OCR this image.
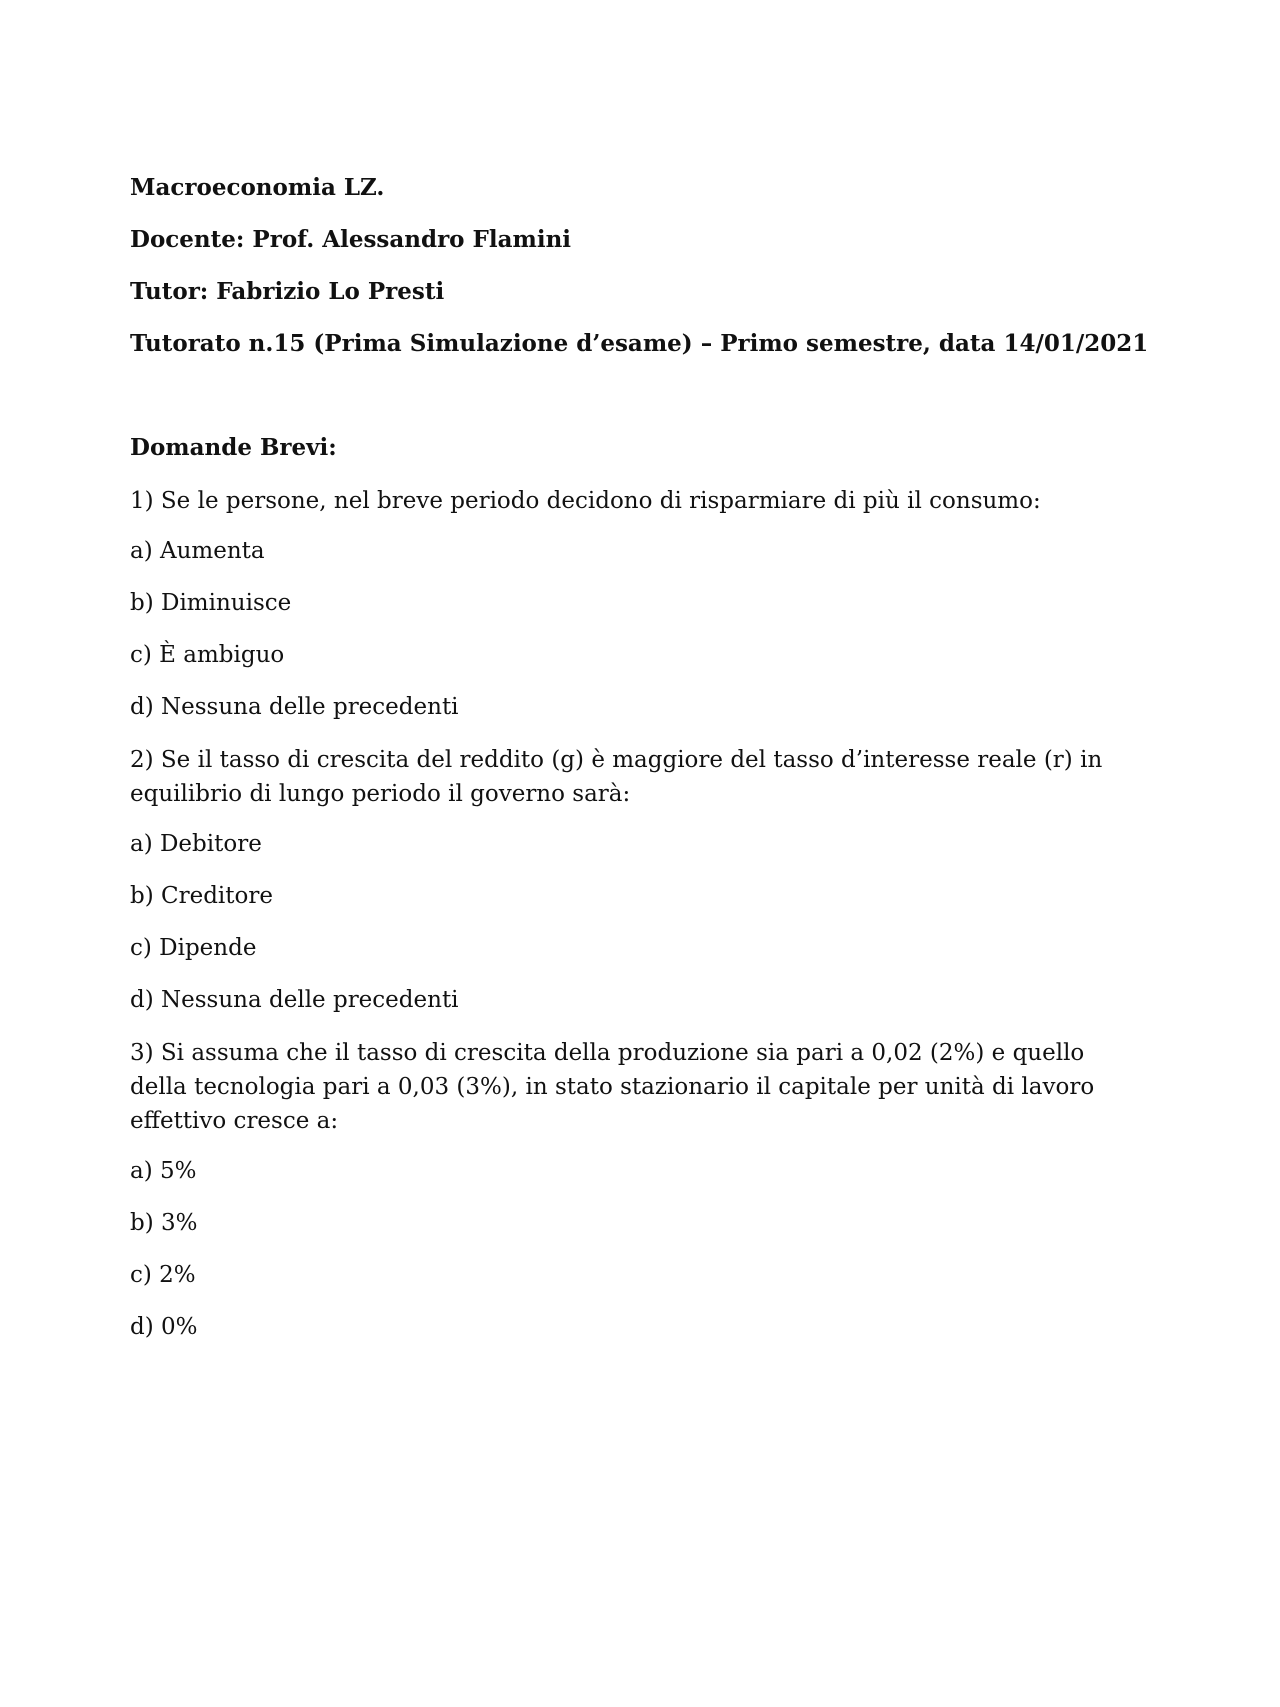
Macroeconomia LZ.

Docente: Prof. Alessandro Flamini

Tutor: Fabrizio Lo Presti

Tutorato n.15 (Prima Simulazione d’esame) – Primo semestre, data 14/01/2021

Domande Brevi:

1) Se le persone, nel breve periodo decidono di risparmiare di più il consumo:

a) Aumenta

b) Diminuisce

c) È ambiguo

d) Nessuna delle precedenti

2) Se il tasso di crescita del reddito (g) è maggiore del tasso d’interesse reale (r) in equilibrio di lungo periodo il governo sarà:

a) Debitore

b) Creditore

c) Dipende

d) Nessuna delle precedenti

3) Si assuma che il tasso di crescita della produzione sia pari a 0,02 (2%) e quello della tecnologia pari a 0,03 (3%), in stato stazionario il capitale per unità di lavoro effettivo cresce a:

a) 5%

b) 3%

c) 2%

d) 0%
